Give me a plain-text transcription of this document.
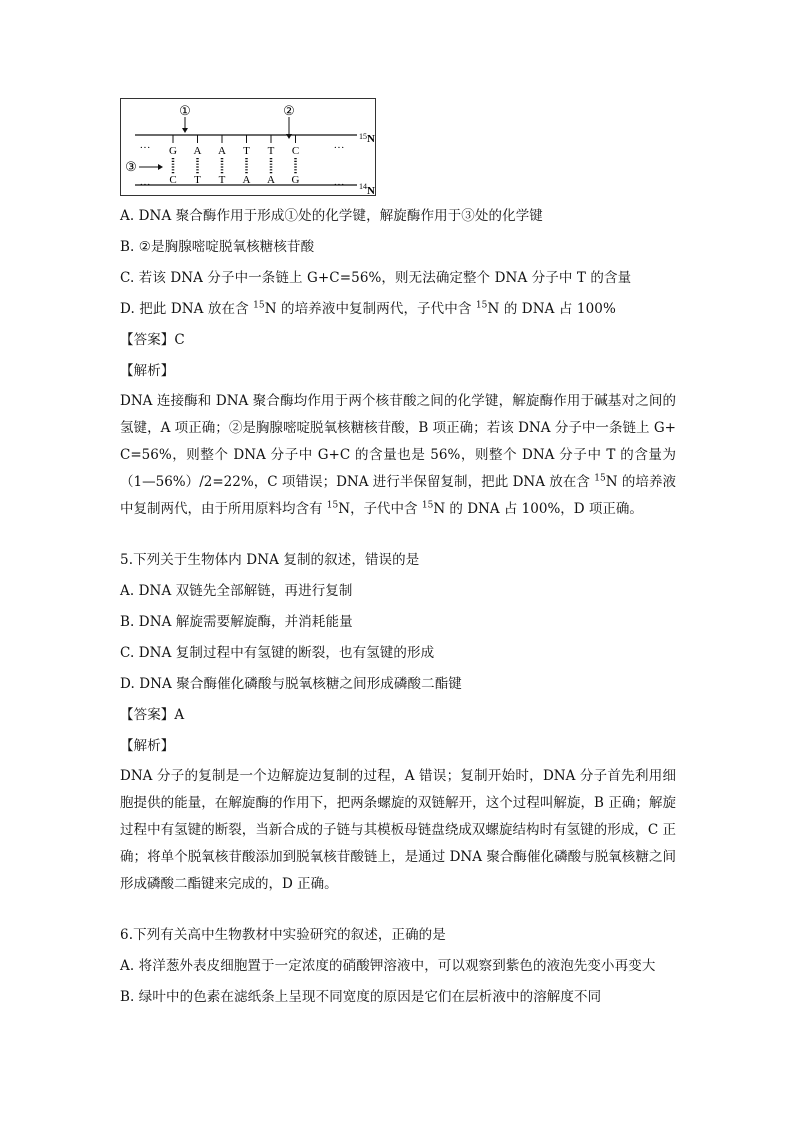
①	②
③
···	···
···	···
15 N
14 N
G A A T T C
C T T A A G
A. DNA 聚合酶作用于形成①处的化学键，解旋酶作用于③处的化学键
B. ②是胸腺嘧啶脱氧核糖核苷酸
C. 若该 DNA 分子中一条链上 G+C=56%，则无法确定整个 DNA 分子中 T 的含量
D. 把此 DNA 放在含 $^{15}$N 的培养液中复制两代，子代中含 $^{15}$N 的 DNA 占 100%
【答案】C
【解析】
DNA 连接酶和 DNA 聚合酶均作用于两个核苷酸之间的化学键，解旋酶作用于碱基对之间的氢键，A 项正确；②是胸腺嘧啶脱氧核糖核苷酸，B 项正确；若该 DNA 分子中一条链上 G+C=56%，则整个 DNA 分子中 G+C 的含量也是 56%，则整个 DNA 分子中 T 的含量为（1—56%）/2=22%，C 项错误；DNA 进行半保留复制，把此 DNA 放在含 $^{15}$N 的培养液中复制两代，由于所用原料均含有 $^{15}$N，子代中含 $^{15}$N 的 DNA 占 100%，D 项正确。
5.下列关于生物体内 DNA 复制的叙述，错误的是
A. DNA 双链先全部解链，再进行复制
B. DNA 解旋需要解旋酶，并消耗能量
C. DNA 复制过程中有氢键的断裂，也有氢键的形成
D. DNA 聚合酶催化磷酸与脱氧核糖之间形成磷酸二酯键
【答案】A
【解析】
DNA 分子的复制是一个边解旋边复制的过程，A 错误；复制开始时，DNA 分子首先利用细胞提供的能量，在解旋酶的作用下，把两条螺旋的双链解开，这个过程叫解旋，B 正确；解旋过程中有氢键的断裂，当新合成的子链与其模板母链盘绕成双螺旋结构时有氢键的形成，C 正确；将单个脱氧核苷酸添加到脱氧核苷酸链上，是通过 DNA 聚合酶催化磷酸与脱氧核糖之间形成磷酸二酯键来完成的，D 正确。
6.下列有关高中生物教材中实验研究的叙述，正确的是
A. 将洋葱外表皮细胞置于一定浓度的硝酸钾溶液中，可以观察到紫色的液泡先变小再变大
B. 绿叶中的色素在滤纸条上呈现不同宽度的原因是它们在层析液中的溶解度不同
